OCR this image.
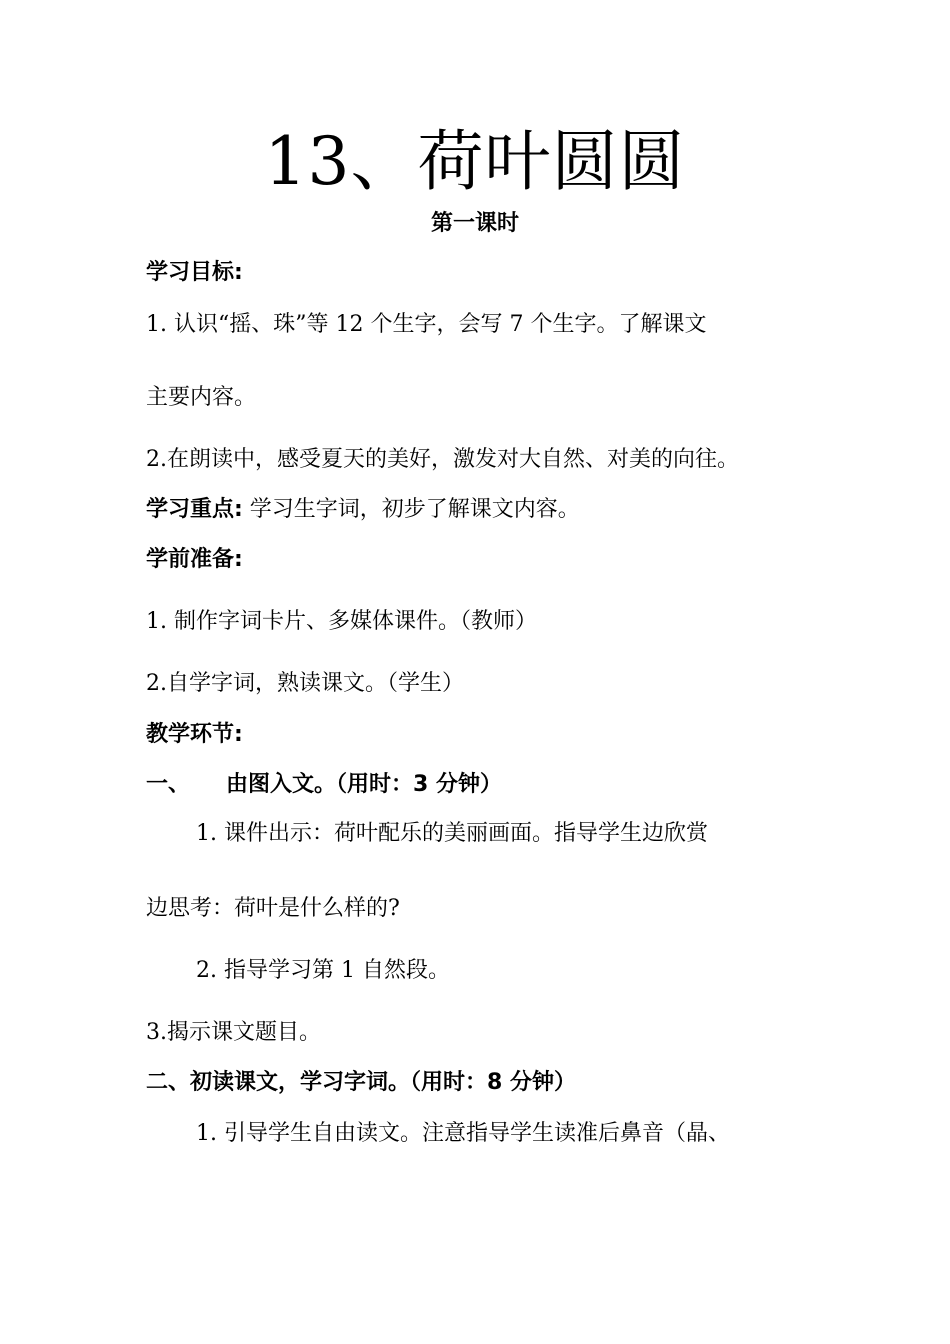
13、荷叶圆圆
第一课时
学习目标:
1. 认识“摇、珠”等 12 个生字，会写 7 个生字。了解课文
主要内容。
2.在朗读中，感受夏天的美好，激发对大自然、对美的向往。
学习重点: 学习生字词，初步了解课文内容。
学前准备:
1. 制作字词卡片、多媒体课件。（教师）
2.自学字词，熟读课文。（学生）
教学环节:
一、 由图入文。（用时：3 分钟）
1. 课件出示：荷叶配乐的美丽画面。指导学生边欣赏
边思考：荷叶是什么样的?
2. 指导学习第 1 自然段。
3.揭示课文题目。
二、初读课文，学习字词。（用时：8 分钟）
1. 引导学生自由读文。注意指导学生读准后鼻音（晶、
